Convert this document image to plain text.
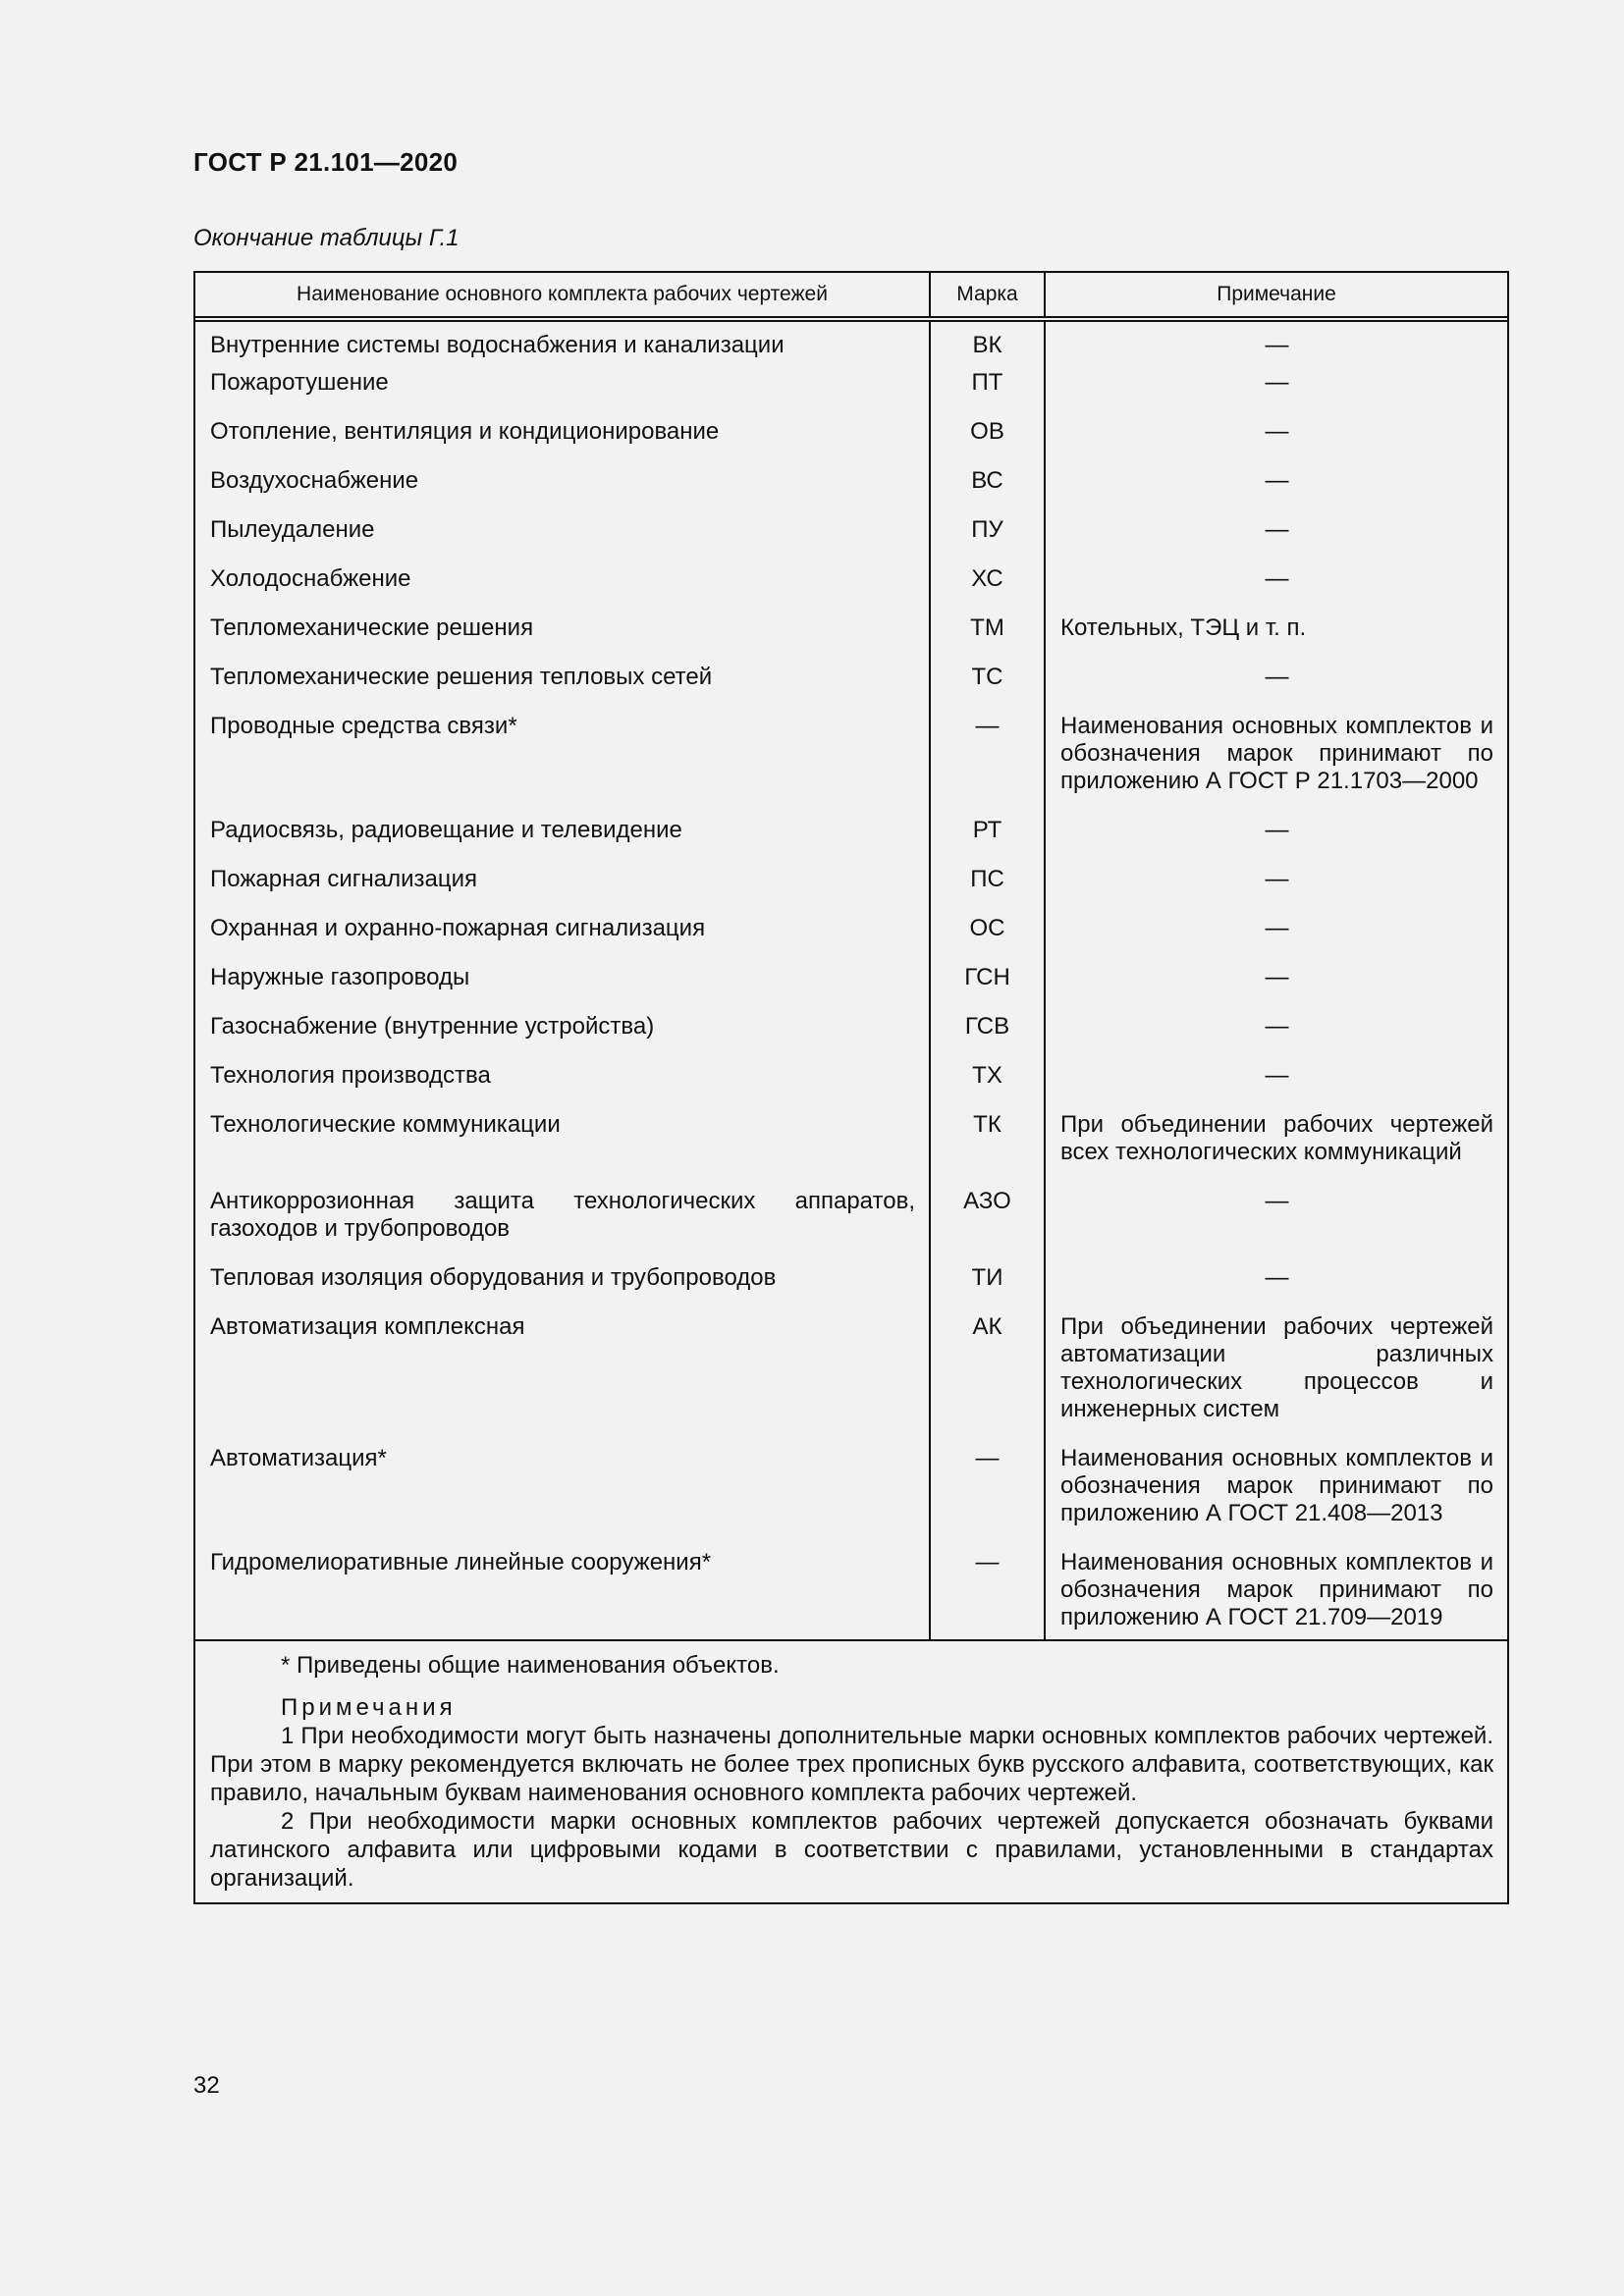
ГОСТ Р 21.101—2020
Окончание таблицы Г.1
Наименование основного комплекта рабочих чертежей	Марка	Примечание
Внутренние системы водоснабжения и канализации	ВК	—
Пожаротушение	ПТ	—
Отопление, вентиляция и кондиционирование	ОВ	—
Воздухоснабжение	ВС	—
Пылеудаление	ПУ	—
Холодоснабжение	ХС	—
Тепломеханические решения	ТМ	Котельных, ТЭЦ и т. п.
Тепломеханические решения тепловых сетей	ТС	—
Проводные средства связи*	—	Наименования основных комплектов и обозначения марок принимают по приложению А ГОСТ Р 21.1703—2000
Радиосвязь, радиовещание и телевидение	РТ	—
Пожарная сигнализация	ПС	—
Охранная и охранно-пожарная сигнализация	ОС	—
Наружные газопроводы	ГСН	—
Газоснабжение (внутренние устройства)	ГСВ	—
Технология производства	ТХ	—
Технологические коммуникации	ТК	При объединении рабочих чертежей всех технологических коммуникаций
Антикоррозионная защита технологических аппаратов, газоходов и трубопроводов	АЗО	—
Тепловая изоляция оборудования и трубопроводов	ТИ	—
Автоматизация комплексная	АК	При объединении рабочих чертежей автоматизации различных технологических процессов и инженерных систем
Автоматизация*	—	Наименования основных комплектов и обозначения марок принимают по приложению А ГОСТ 21.408—2013
Гидромелиоративные линейные сооружения*	—	Наименования основных комплектов и обозначения марок принимают по приложению А ГОСТ 21.709—2019

* Приведены общие наименования объектов.

Примечания

1 При необходимости могут быть назначены дополнительные марки основных комплектов рабочих чертежей. При этом в марку рекомендуется включать не более трех прописных букв русского алфавита, соответствующих, как правило, начальным буквам наименования основного комплекта рабочих чертежей.

2 При необходимости марки основных комплектов рабочих чертежей допускается обозначать буквами латинского алфавита или цифровыми кодами в соответствии с правилами, установленными в стандартах организаций.

32
